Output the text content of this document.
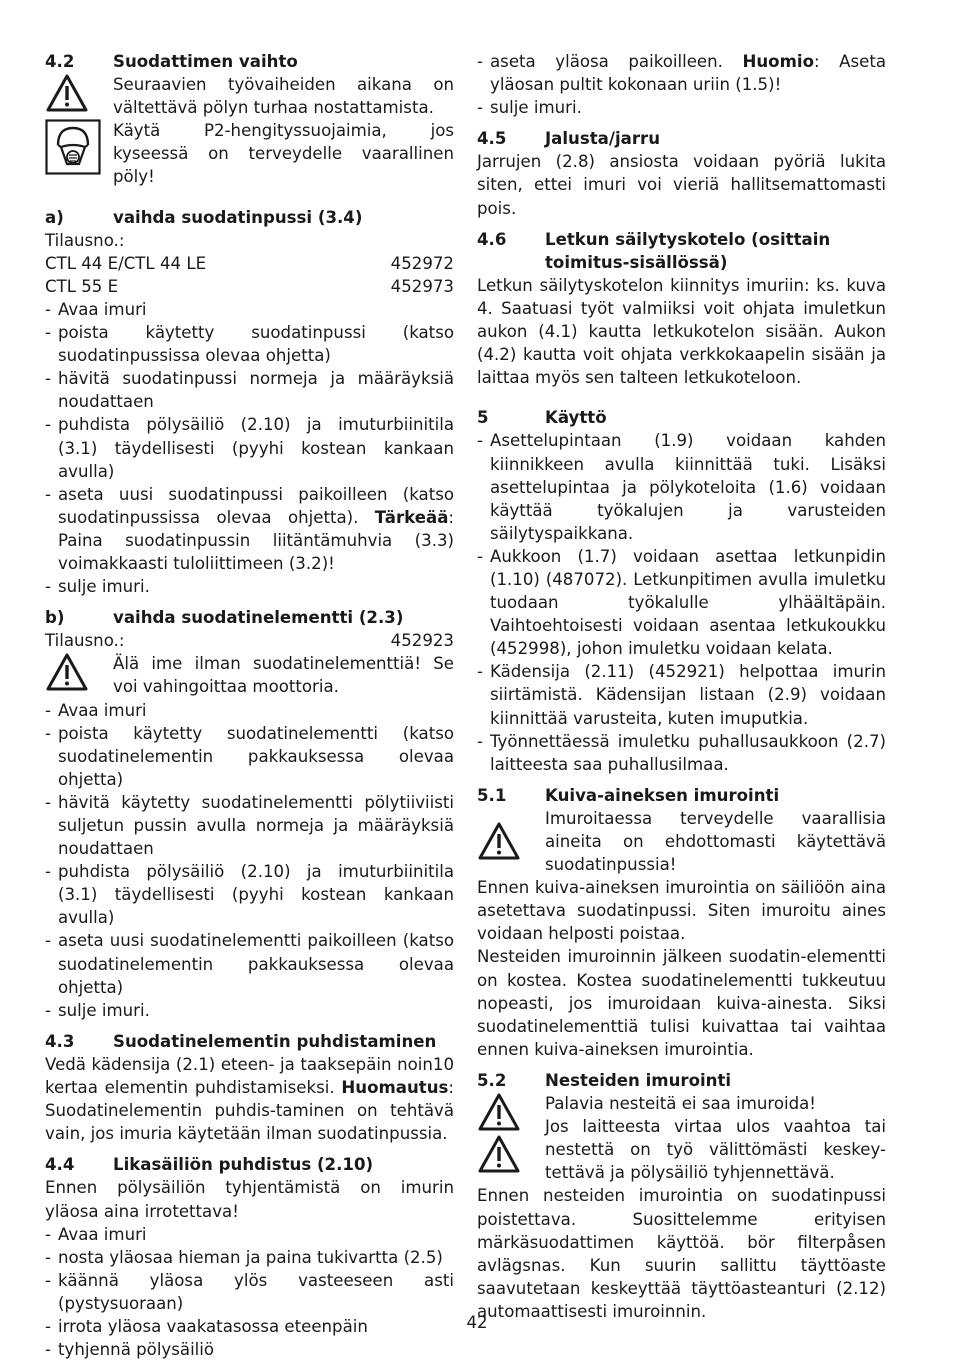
4.2	Suodattimen vaihto

Seuraavien työvaiheiden aikana on vältettävä pölyn turhaa nostattamista.

Käytä P2-hengityssuojaimia, jos kyseessä on terveydelle vaarallinen pöly!

a)	vaihda suodatinpussi (3.4)

Tilausno.:

CTL 44 E/CTL 44 LE	452972
CTL 55 E	452973
- Avaa imuri
- poista käytetty suodatinpussi (katso suodatinpussissa olevaa ohjetta)
- hävitä suodatinpussi normeja ja määräyksiä noudattaen
- puhdista pölysäiliö (2.10) ja imuturbiinitila (3.1) täydellisesti (pyyhi kostean kankaan avulla)
- aseta uusi suodatinpussi paikoilleen (katso suodatinpussissa olevaa ohjetta). Tärkeää: Paina suodatinpussin liitäntämuhvia (3.3) voimakkaasti tuloliittimeen (3.2)!
- sulje imuri.
b)	vaihda suodatinelementti (2.3)
Tilausno.:	452923

Älä ime ilman suodatinelementtiä! Se voi vahingoittaa moottoria.

- Avaa imuri
- poista käytetty suodatinelementti (katso suodatinelementin pakkauksessa olevaa ohjetta)
- hävitä käytetty suodatinelementti pölytiiviisti suljetun pussin avulla normeja ja määräyksiä noudattaen
- puhdista pölysäiliö (2.10) ja imuturbiinitila (3.1) täydellisesti (pyyhi kostean kankaan avulla)
- aseta uusi suodatinelementti paikoilleen (katso suodatinelementin pakkauksessa olevaa ohjetta)
- sulje imuri.
4.3	Suodatinelementin puhdistaminen

Vedä kädensija (2.1) eteen- ja taaksepäin noin10 kertaa elementin puhdistamiseksi. Huomautus: Suodatinelementin puhdis-taminen on tehtävä vain, jos imuria käytetään ilman suodatinpussia.

4.4	Likasäiliön puhdistus (2.10)

Ennen pölysäiliön tyhjentämistä on imurin yläosa aina irrotettava!

- Avaa imuri
- nosta yläosaa hieman ja paina tukivartta (2.5)
- käännä yläosa ylös vasteeseen asti (pystysuoraan)
- irrota yläosa vaakatasossa eteenpäin
- tyhjennä pölysäiliö
- aseta yläosa paikoilleen. Huomio: Aseta yläosan pultit kokonaan uriin (1.5)!
- sulje imuri.
4.5	Jalusta/jarru

Jarrujen (2.8) ansiosta voidaan pyöriä lukita siten, ettei imuri voi vieriä hallitsemattomasti pois.

4.6	Letkun säilytyskotelo (osittain toimitus-sisällössä)

Letkun säilytyskotelon kiinnitys imuriin: ks. kuva 4. Saatuasi työt valmiiksi voit ohjata imuletkun aukon (4.1) kautta letkukotelon sisään. Aukon (4.2) kautta voit ohjata verkkokaapelin sisään ja laittaa myös sen talteen letkukoteloon.

5	Käyttö
- Asettelupintaan (1.9) voidaan kahden kiinnikkeen avulla kiinnittää tuki. Lisäksi asettelupintaa ja pölykoteloita (1.6) voidaan käyttää työkalujen ja varusteiden säilytyspaikkana.
- Aukkoon (1.7) voidaan asettaa letkunpidin (1.10) (487072). Letkunpitimen avulla imuletku tuodaan työkalulle ylhäältäpäin. Vaihtoehtoisesti voidaan asentaa letkukoukku (452998), johon imuletku voidaan kelata.
- Kädensija (2.11) (452921) helpottaa imurin siirtämistä. Kädensijan listaan (2.9) voidaan kiinnittää varusteita, kuten imuputkia.
- Työnnettäessä imuletku puhallusaukkoon (2.7) laitteesta saa puhallusilmaa.
5.1	Kuiva-aineksen imurointi

Imuroitaessa terveydelle vaarallisia aineita on ehdottomasti käytettävä suodatinpussia!

Ennen kuiva-aineksen imurointia on säiliöön aina asetettava suodatinpussi. Siten imuroitu aines voidaan helposti poistaa.

Nesteiden imuroinnin jälkeen suodatin-elementti on kostea. Kostea suodatinelementti tukkeutuu nopeasti, jos imuroidaan kuiva-ainesta. Siksi suodatinelementtiä tulisi kuivattaa tai vaihtaa ennen kuiva-aineksen imurointia.

5.2	Nesteiden imurointi

Palavia nesteitä ei saa imuroida!

Jos laitteesta virtaa ulos vaahtoa tai nestettä on työ välittömästi keskey-tettävä ja pölysäiliö tyhjennettävä.

Ennen nesteiden imurointia on suodatinpussi poistettava. Suosittelemme erityisen märkäsuodattimen käyttöä. bör filterpåsen avlägsnas. Kun suurin sallittu täyttöaste saavutetaan keskeyttää täyttöasteanturi (2.12) automaattisesti imuroinnin.

42
